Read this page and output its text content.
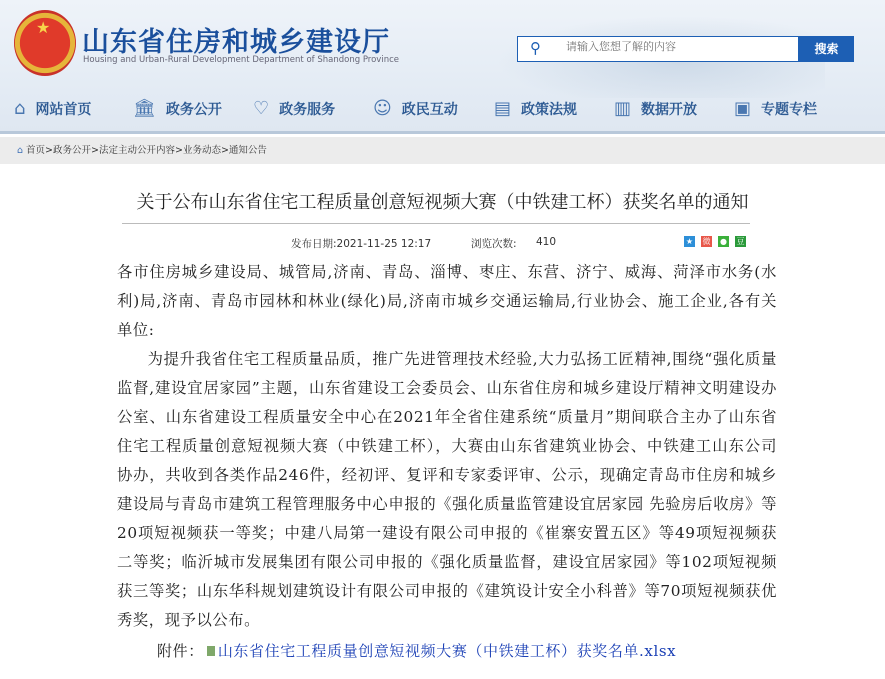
★ 山东省住房和城乡建设厅
Housing and Urban-Rural Development Department of Shandong Province
⚲
请输入您想了解的内容	搜索
⌂ 网站首页 🏛 政务公开 ♡ 政务服务 ☺ 政民互动 ▤ 政策法规 ▥ 数据开放 ▣ 专题专栏
⌂ 首页>政务公开>法定主动公开内容>业务动态>通知公告
关于公布山东省住宅工程质量创意短视频大赛（中铁建工杯）获奖名单的通知
发布日期:2021-11-25 12:17	浏览次数: 410	★ 微 ● 豆

各市住房城乡建设局、城管局,济南、青岛、淄博、枣庄、东营、济宁、威海、菏泽市水务(水利)局,济南、青岛市园林和林业(绿化)局,济南市城乡交通运输局,行业协会、施工企业,各有关单位:

为提升我省住宅工程质量品质，推广先进管理技术经验,大力弘扬工匠精神,围绕“强化质量监督,建设宜居家园”主题，山东省建设工会委员会、山东省住房和城乡建设厅精神文明建设办公室、山东省建设工程质量安全中心在2021年全省住建系统“质量月”期间联合主办了山东省住宅工程质量创意短视频大赛（中铁建工杯），大赛由山东省建筑业协会、中铁建工山东公司协办，共收到各类作品246件，经初评、复评和专家委评审、公示，现确定青岛市住房和城乡建设局与青岛市建筑工程管理服务中心申报的《强化质量监管建设宜居家园 先验房后收房》等20项短视频获一等奖；中建八局第一建设有限公司申报的《崔寨安置五区》等49项短视频获二等奖；临沂城市发展集团有限公司申报的《强化质量监督，建设宜居家园》等102项短视频获三等奖；山东华科规划建筑设计有限公司申报的《建筑设计安全小科普》等70项短视频获优秀奖，现予以公布。

附件： 山东省住宅工程质量创意短视频大赛（中铁建工杯）获奖名单.xlsx
